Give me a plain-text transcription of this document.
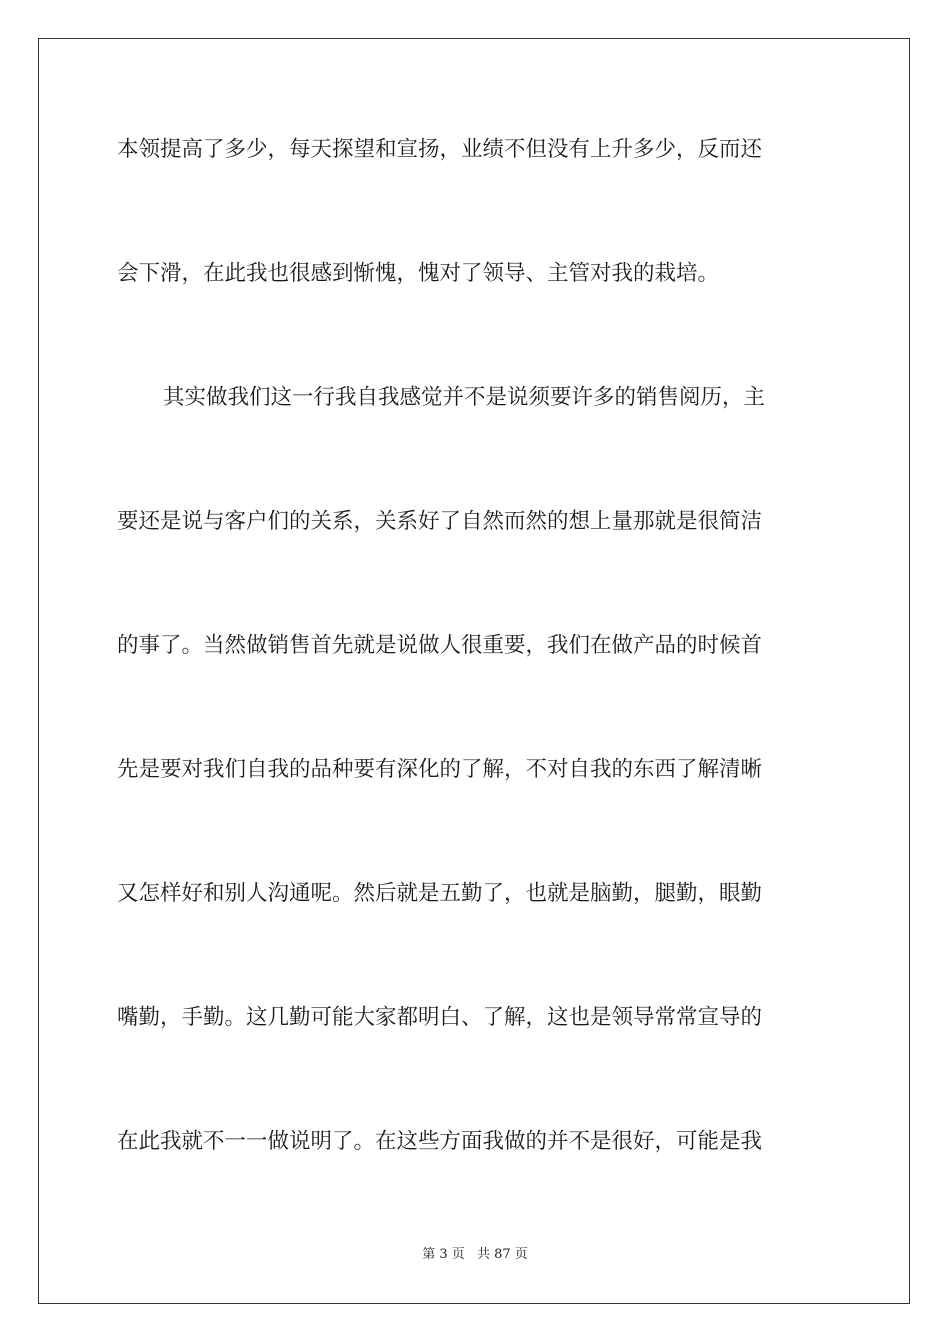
本领提高了多少，每天探望和宣扬，业绩不但没有上升多少，反而还
会下滑，在此我也很感到惭愧，愧对了领导、主管对我的栽培。
其实做我们这一行我自我感觉并不是说须要许多的销售阅历，主
要还是说与客户们的关系，关系好了自然而然的想上量那就是很简洁
的事了。当然做销售首先就是说做人很重要，我们在做产品的时候首
先是要对我们自我的品种要有深化的了解，不对自我的东西了解清晰
又怎样好和别人沟通呢。然后就是五勤了，也就是脑勤，腿勤，眼勤
嘴勤，手勤。这几勤可能大家都明白、了解，这也是领导常常宣导的
在此我就不一一做说明了。在这些方面我做的并不是很好，可能是我
第 3 页 共 87 页
